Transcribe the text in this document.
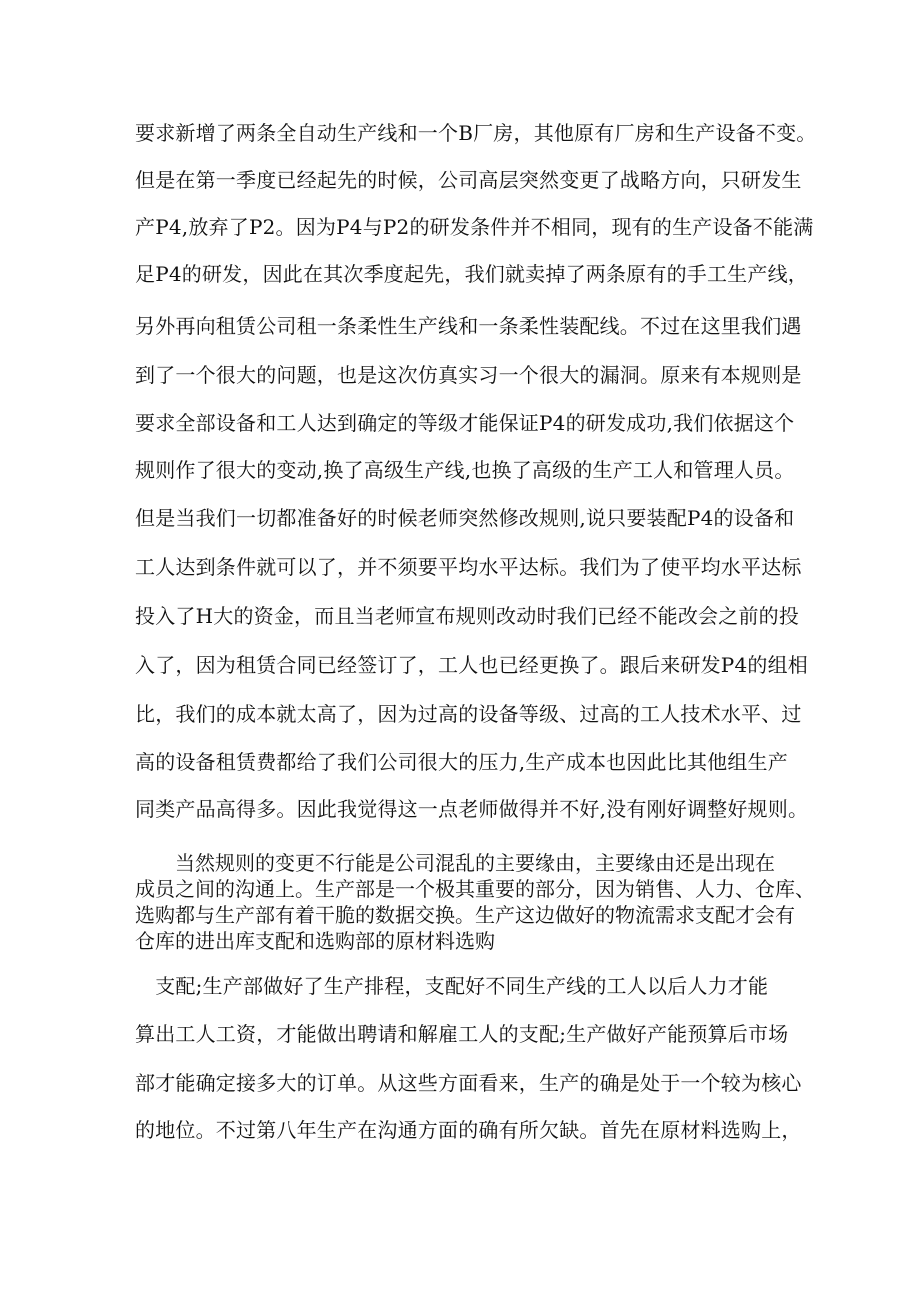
要求新增了两条全自动生产线和一个B厂房，其他原有厂房和生产设备不变。
但是在第一季度已经起先的时候，公司高层突然变更了战略方向，只研发生
产P4,放弃了P2。因为P4与P2的研发条件并不相同，现有的生产设备不能满
足P4的研发，因此在其次季度起先，我们就卖掉了两条原有的手工生产线，
另外再向租赁公司租一条柔性生产线和一条柔性装配线。不过在这里我们遇
到了一个很大的问题，也是这次仿真实习一个很大的漏洞。原来有本规则是
要求全部设备和工人达到确定的等级才能保证P4的研发成功,我们依据这个
规则作了很大的变动,换了高级生产线,也换了高级的生产工人和管理人员。
但是当我们一切都准备好的时候老师突然修改规则,说只要装配P4的设备和
工人达到条件就可以了，并不须要平均水平达标。我们为了使平均水平达标
投入了H大的资金，而且当老师宣布规则改动时我们已经不能改会之前的投
入了，因为租赁合同已经签订了，工人也已经更换了。跟后来研发P4的组相
比，我们的成本就太高了，因为过高的设备等级、过高的工人技术水平、过
高的设备租赁费都给了我们公司很大的压力,生产成本也因此比其他组生产
同类产品高得多。因此我觉得这一点老师做得并不好,没有刚好调整好规则。
　　当然规则的变更不行能是公司混乱的主要缘由，主要缘由还是出现在
成员之间的沟通上。生产部是一个极其重要的部分，因为销售、人力、仓库、
选购都与生产部有着干脆的数据交换。生产这边做好的物流需求支配才会有
仓库的进出库支配和选购部的原材料选购
　支配;生产部做好了生产排程，支配好不同生产线的工人以后人力才能
算出工人工资，才能做出聘请和解雇工人的支配;生产做好产能预算后市场
部才能确定接多大的订单。从这些方面看来，生产的确是处于一个较为核心
的地位。不过第八年生产在沟通方面的确有所欠缺。首先在原材料选购上，
